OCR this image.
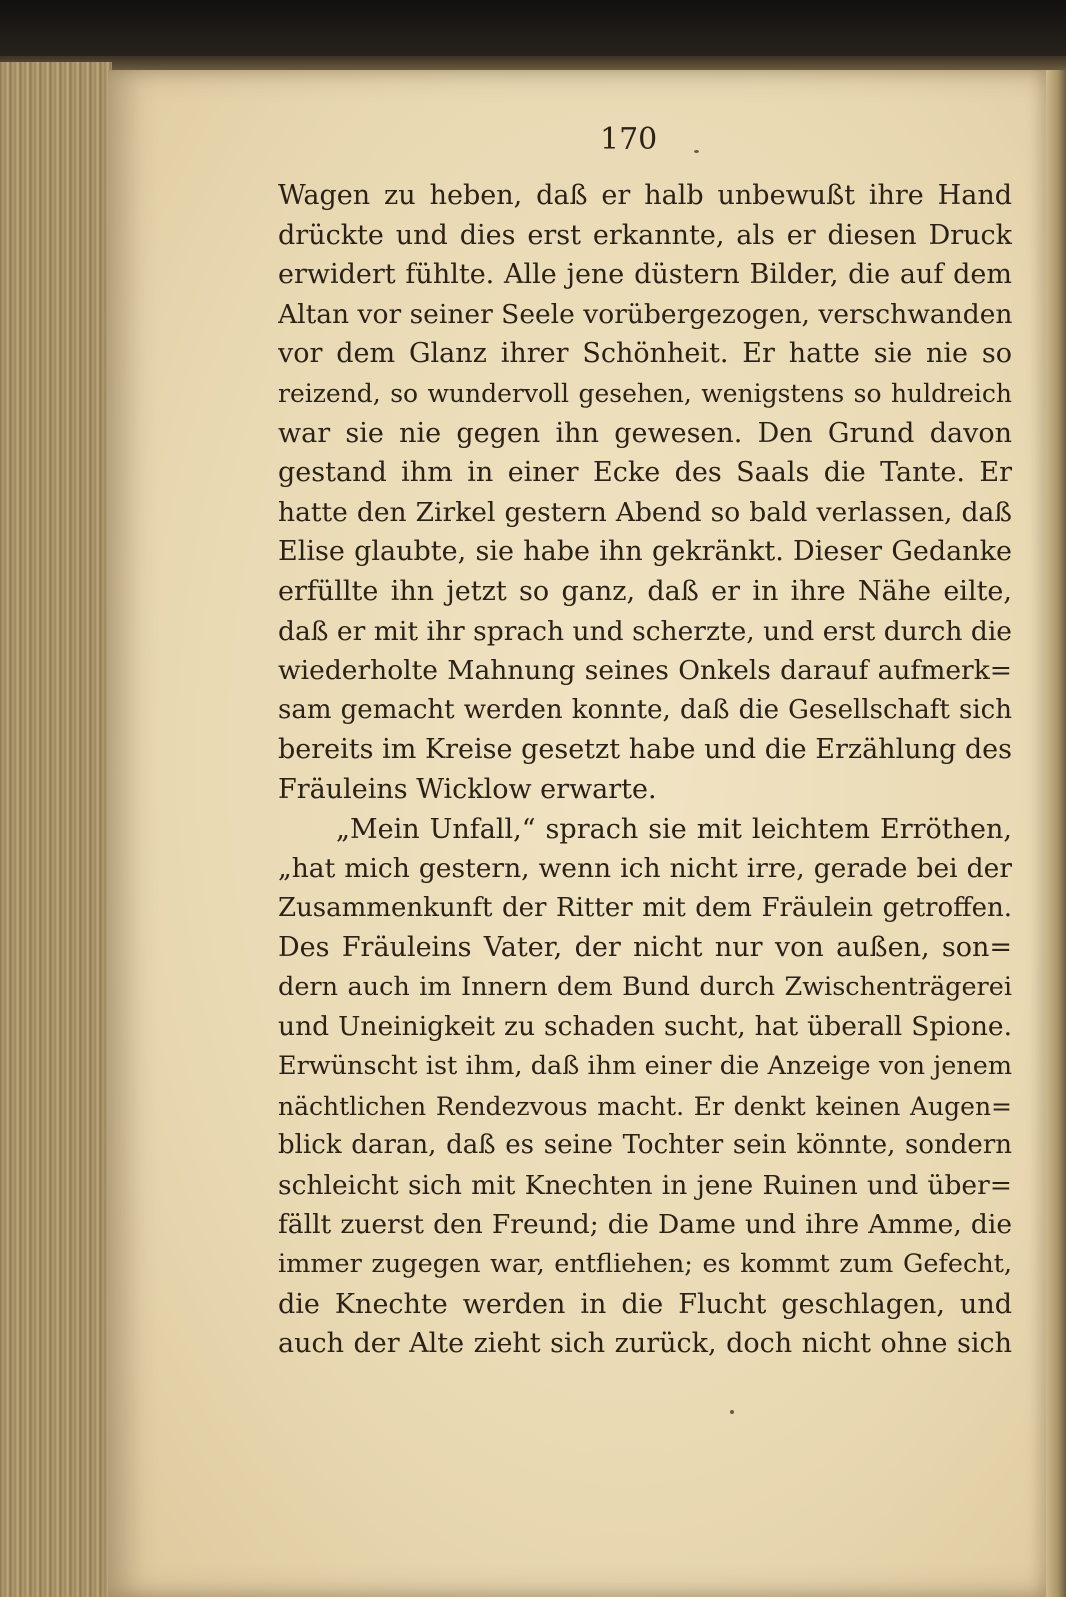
170
Wagen zu heben, daß er halb unbewußt ihre Hand
drückte und dies erst erkannte, als er diesen Druck
erwidert fühlte. Alle jene düstern Bilder, die auf dem
Altan vor seiner Seele vorübergezogen, verschwanden
vor dem Glanz ihrer Schönheit. Er hatte sie nie so
reizend, so wundervoll gesehen, wenigstens so huldreich
war sie nie gegen ihn gewesen. Den Grund davon
gestand ihm in einer Ecke des Saals die Tante. Er
hatte den Zirkel gestern Abend so bald verlassen, daß
Elise glaubte, sie habe ihn gekränkt. Dieser Gedanke
erfüllte ihn jetzt so ganz, daß er in ihre Nähe eilte,
daß er mit ihr sprach und scherzte, und erst durch die
wiederholte Mahnung seines Onkels darauf aufmerk=
sam gemacht werden konnte, daß die Gesellschaft sich
bereits im Kreise gesetzt habe und die Erzählung des
Fräuleins Wicklow erwarte.
„Mein Unfall,“ sprach sie mit leichtem Erröthen,
„hat mich gestern, wenn ich nicht irre, gerade bei der
Zusammenkunft der Ritter mit dem Fräulein getroffen.
Des Fräuleins Vater, der nicht nur von außen, son=
dern auch im Innern dem Bund durch Zwischenträgerei
und Uneinigkeit zu schaden sucht, hat überall Spione.
Erwünscht ist ihm, daß ihm einer die Anzeige von jenem
nächtlichen Rendezvous macht. Er denkt keinen Augen=
blick daran, daß es seine Tochter sein könnte, sondern
schleicht sich mit Knechten in jene Ruinen und über=
fällt zuerst den Freund; die Dame und ihre Amme, die
immer zugegen war, entfliehen; es kommt zum Gefecht,
die Knechte werden in die Flucht geschlagen, und
auch der Alte zieht sich zurück, doch nicht ohne sich
